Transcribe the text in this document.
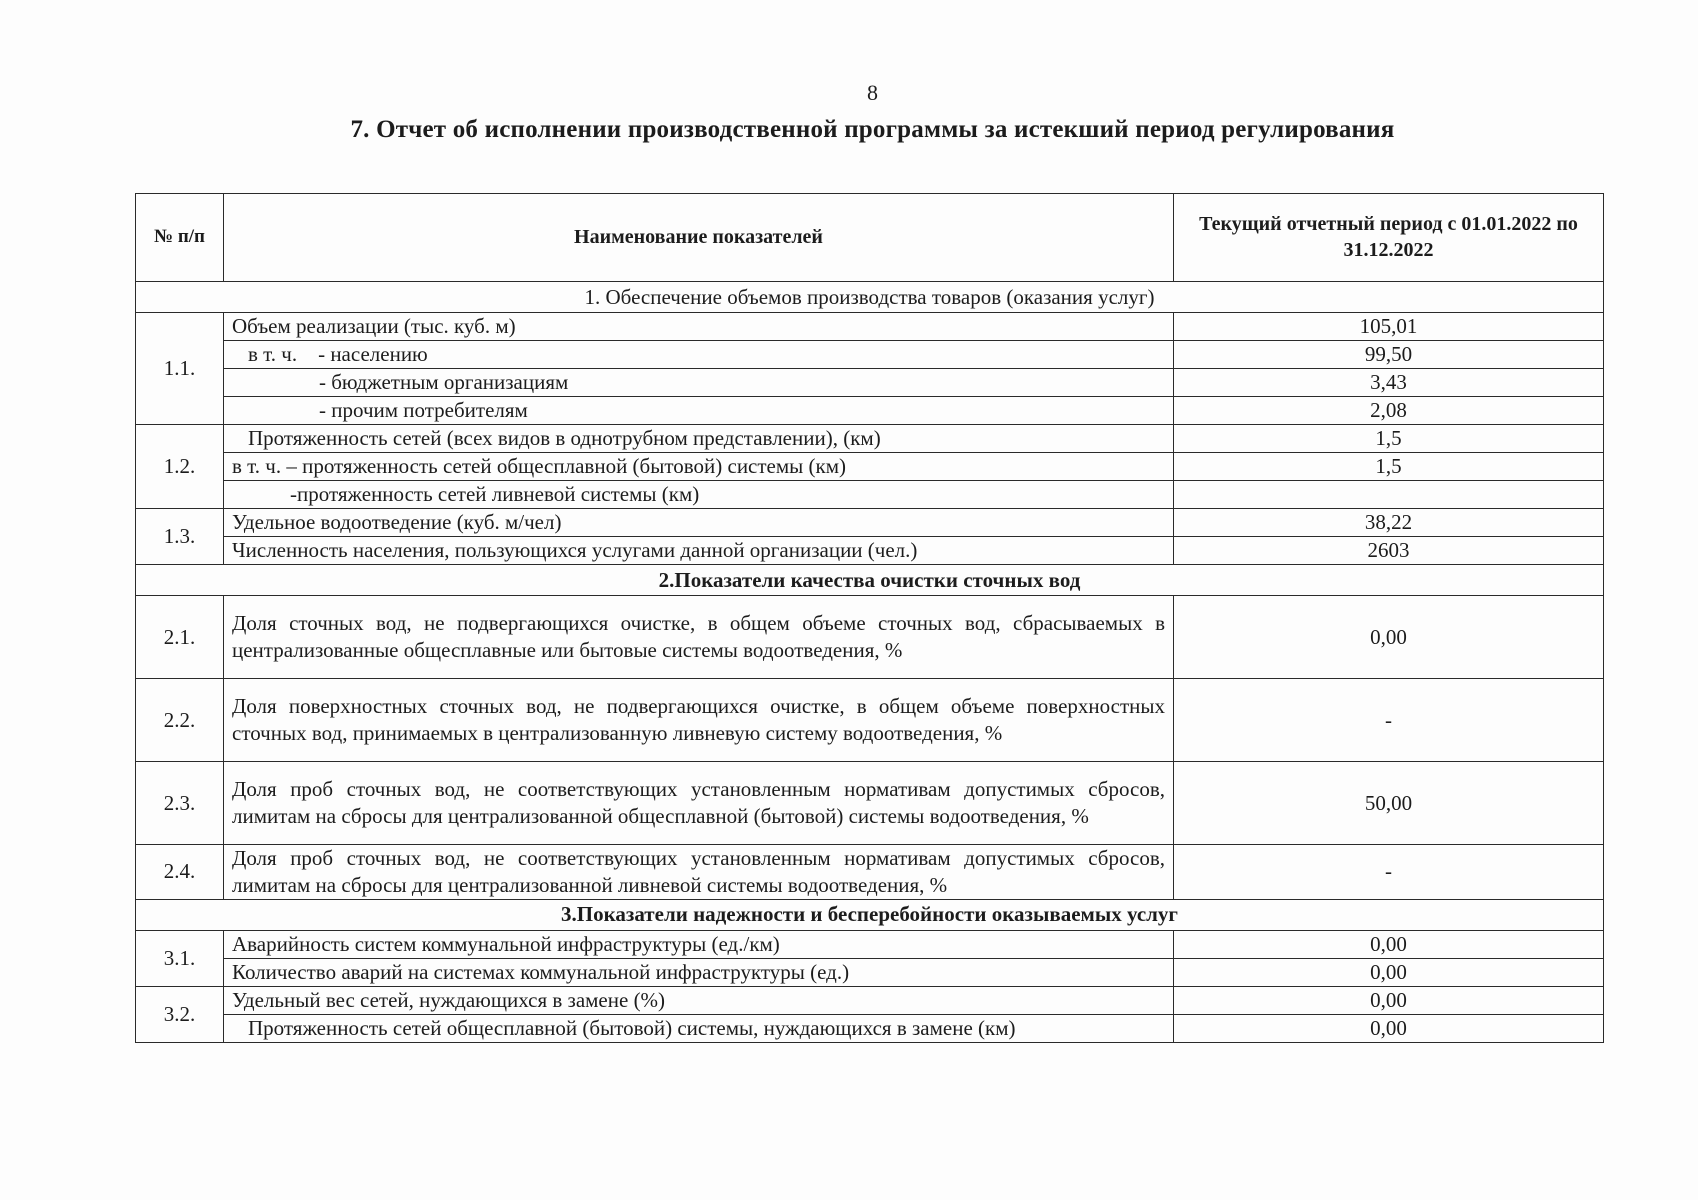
8
7. Отчет об исполнении производственной программы за истекший период регулирования
№ п/п	Наименование показателей	Текущий отчетный период с 01.01.2022 по 31.12.2022
1. Обеспечение объемов производства товаров (оказания услуг)		
1.1.	Объем реализации (тыс. куб. м)	105,01
	в т. ч.    - населению	99,50
	- бюджетным организациям	3,43
	- прочим потребителям	2,08
1.2.	Протяженность сетей (всех видов в однотрубном представлении), (км)	1,5
	в т. ч. – протяженность сетей общесплавной (бытовой) системы (км)	1,5
	-протяженность сетей ливневой системы (км)	
1.3.	Удельное водоотведение (куб. м/чел)	38,22
	Численность населения, пользующихся услугами данной организации (чел.)	2603
2.Показатели качества очистки сточных вод		
2.1.	Доля сточных вод, не подвергающихся очистке, в общем объеме сточных вод, сбрасываемых в централизованные общесплавные или бытовые системы водоотведения, %	0,00
2.2.	Доля поверхностных сточных вод, не подвергающихся очистке, в общем объеме поверхностных сточных вод, принимаемых в централизованную ливневую систему водоотведения, %	-
2.3.	Доля проб сточных вод, не соответствующих установленным нормативам допустимых сбросов, лимитам на сбросы для централизованной общесплавной (бытовой) системы водоотведения, %	50,00
2.4.	Доля проб сточных вод, не соответствующих установленным нормативам допустимых сбросов, лимитам на сбросы для централизованной ливневой системы водоотведения, %	-
3.Показатели надежности и бесперебойности оказываемых услуг		
3.1.	Аварийность систем коммунальной инфраструктуры (ед./км)	0,00
	Количество аварий на системах коммунальной инфраструктуры (ед.)	0,00
3.2.	Удельный вес сетей, нуждающихся в замене (%)	0,00
	Протяженность сетей общесплавной (бытовой) системы, нуждающихся в замене (км)	0,00
